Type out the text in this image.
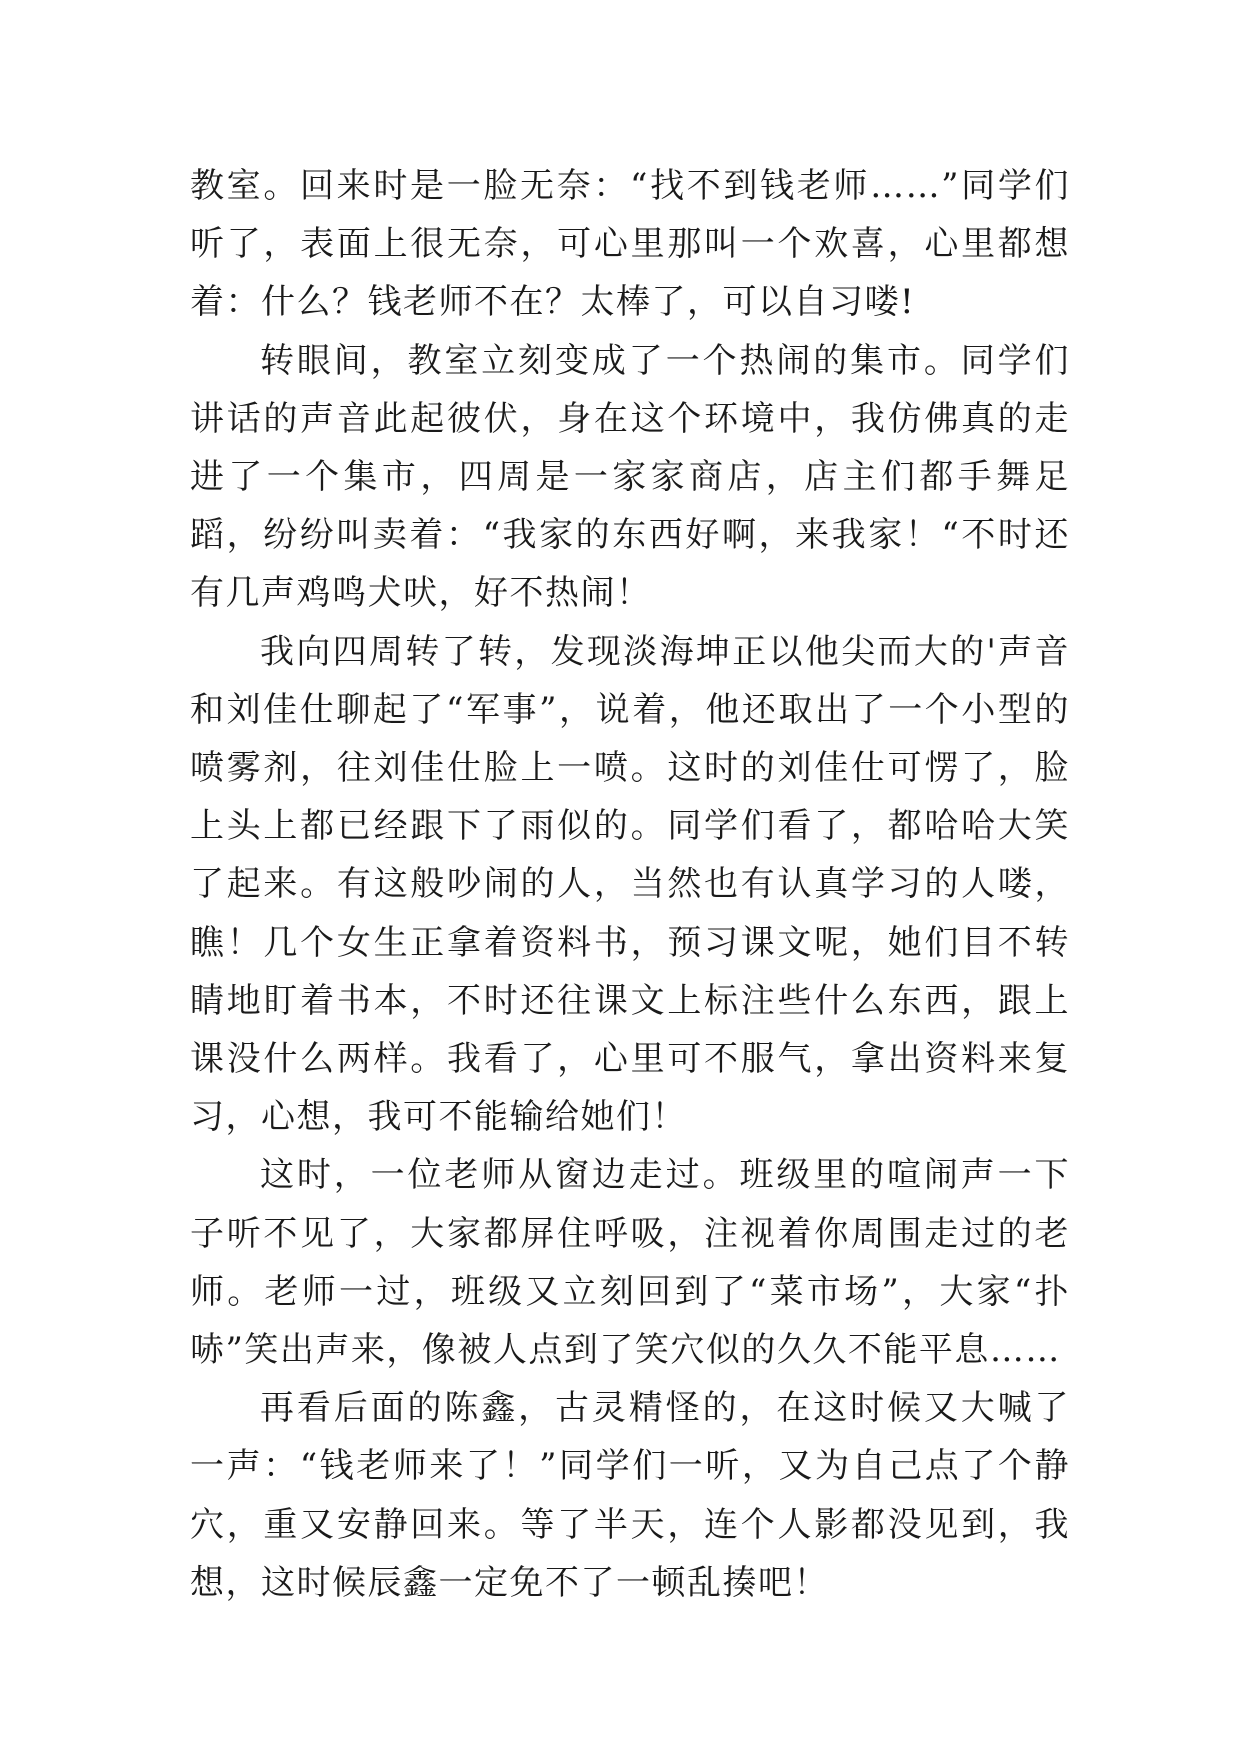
教室。回来时是一脸无奈：“找不到钱老师……”同学们听了，表面上很无奈，可心里那叫一个欢喜，心里都想着：什么？钱老师不在？太棒了，可以自习喽!

转眼间，教室立刻变成了一个热闹的集市。同学们讲话的声音此起彼伏，身在这个环境中，我仿佛真的走进了一个集市，四周是一家家商店，店主们都手舞足蹈，纷纷叫卖着：“我家的东西好啊，来我家！“不时还有几声鸡鸣犬吠，好不热闹！

我向四周转了转，发现淡海坤正以他尖而大的'声音和刘佳仕聊起了“军事”，说着，他还取出了一个小型的喷雾剂，往刘佳仕脸上一喷。这时的刘佳仕可愣了，脸上头上都已经跟下了雨似的。同学们看了，都哈哈大笑了起来。有这般吵闹的人，当然也有认真学习的人喽，瞧！几个女生正拿着资料书，预习课文呢，她们目不转睛地盯着书本，不时还往课文上标注些什么东西，跟上课没什么两样。我看了，心里可不服气，拿出资料来复习，心想，我可不能输给她们！

这时，一位老师从窗边走过。班级里的喧闹声一下子听不见了，大家都屏住呼吸，注视着你周围走过的老师。老师一过，班级又立刻回到了“菜市场”，大家“扑哧”笑出声来，像被人点到了笑穴似的久久不能平息……

再看后面的陈鑫，古灵精怪的，在这时候又大喊了一声：“钱老师来了！”同学们一听，又为自己点了个静穴，重又安静回来。等了半天，连个人影都没见到，我想，这时候辰鑫一定免不了一顿乱揍吧！
